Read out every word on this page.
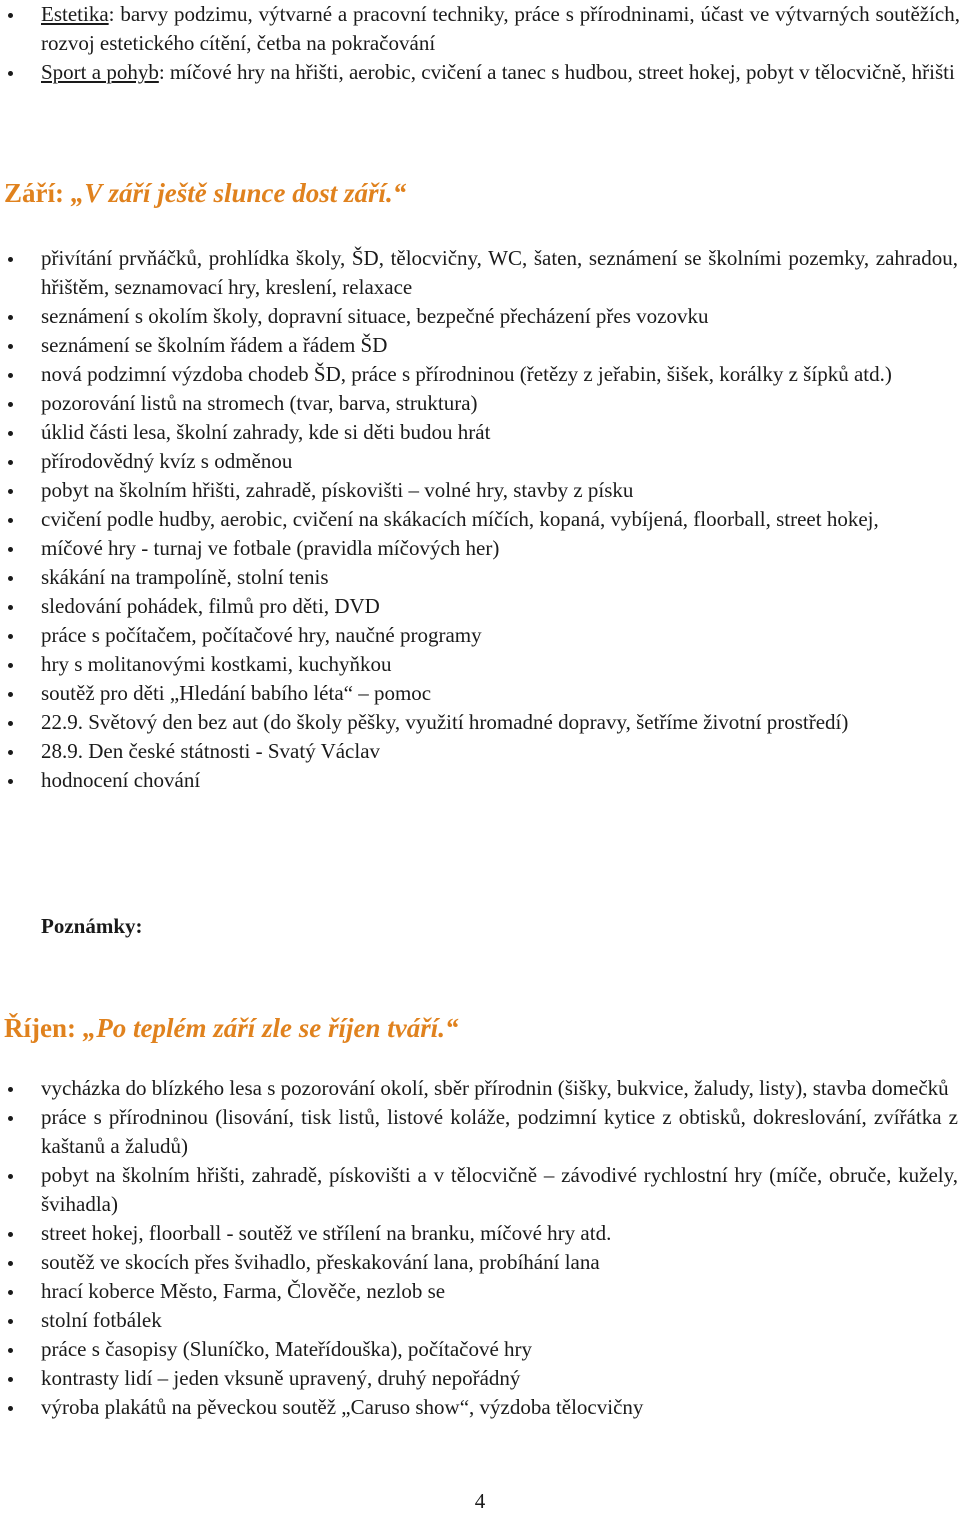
Estetika: barvy podzimu, výtvarné a pracovní techniky, práce s přírodninami, účast ve výtvarných soutěžích, rozvoj estetického cítění, četba na pokračování
Sport a pohyb: míčové hry na hřišti, aerobic, cvičení a tanec s hudbou, street hokej, pobyt v tělocvičně, hřišti
Září: „V září ještě slunce dost září.“
přivítání prvňáčků, prohlídka školy, ŠD, tělocvičny, WC, šaten, seznámení se školními pozemky, zahradou, hřištěm, seznamovací hry, kreslení, relaxace
seznámení s okolím školy, dopravní situace, bezpečné přecházení přes vozovku
seznámení se školním řádem a řádem ŠD
nová podzimní výzdoba chodeb ŠD, práce s přírodninou (řetězy z jeřabin, šišek, korálky z šípků atd.)
pozorování listů na stromech (tvar, barva, struktura)
úklid části lesa, školní zahrady, kde si děti budou hrát
přírodovědný kvíz s odměnou
pobyt na školním hřišti, zahradě, pískovišti – volné hry, stavby z písku
cvičení podle hudby, aerobic, cvičení na skákacích míčích, kopaná, vybíjená, floorball, street hokej,
míčové hry - turnaj ve fotbale (pravidla míčových her)
skákání na trampolíně, stolní tenis
sledování pohádek, filmů pro děti, DVD
práce s počítačem, počítačové hry, naučné programy
hry s molitanovými kostkami, kuchyňkou
soutěž pro děti „Hledání babího léta“ – pomoc
22.9. Světový den bez aut (do školy pěšky, využití hromadné dopravy, šetříme životní prostředí)
28.9. Den české státnosti - Svatý Václav
hodnocení chování
Poznámky:
Říjen: „Po teplém září zle se říjen tváří.“
vycházka do blízkého lesa s pozorování okolí, sběr přírodnin (šišky, bukvice, žaludy, listy), stavba domečků
práce s přírodninou (lisování, tisk listů, listové koláže, podzimní kytice z obtisků, dokreslování, zvířátka z kaštanů a žaludů)
pobyt na školním hřišti, zahradě, pískovišti a v tělocvičně – závodivé rychlostní hry (míče, obruče, kužely, švihadla)
street hokej, floorball - soutěž ve střílení na branku, míčové hry atd.
soutěž ve skocích přes švihadlo, přeskakování lana, probíhání lana
hrací koberce Město, Farma, Člověče, nezlob se
stolní fotbálek
práce s časopisy (Sluníčko, Mateřídouška), počítačové hry
kontrasty lidí – jeden vksuně upravený, druhý nepořádný
výroba plakátů na pěveckou soutěž „Caruso show“, výzdoba tělocvičny
4
